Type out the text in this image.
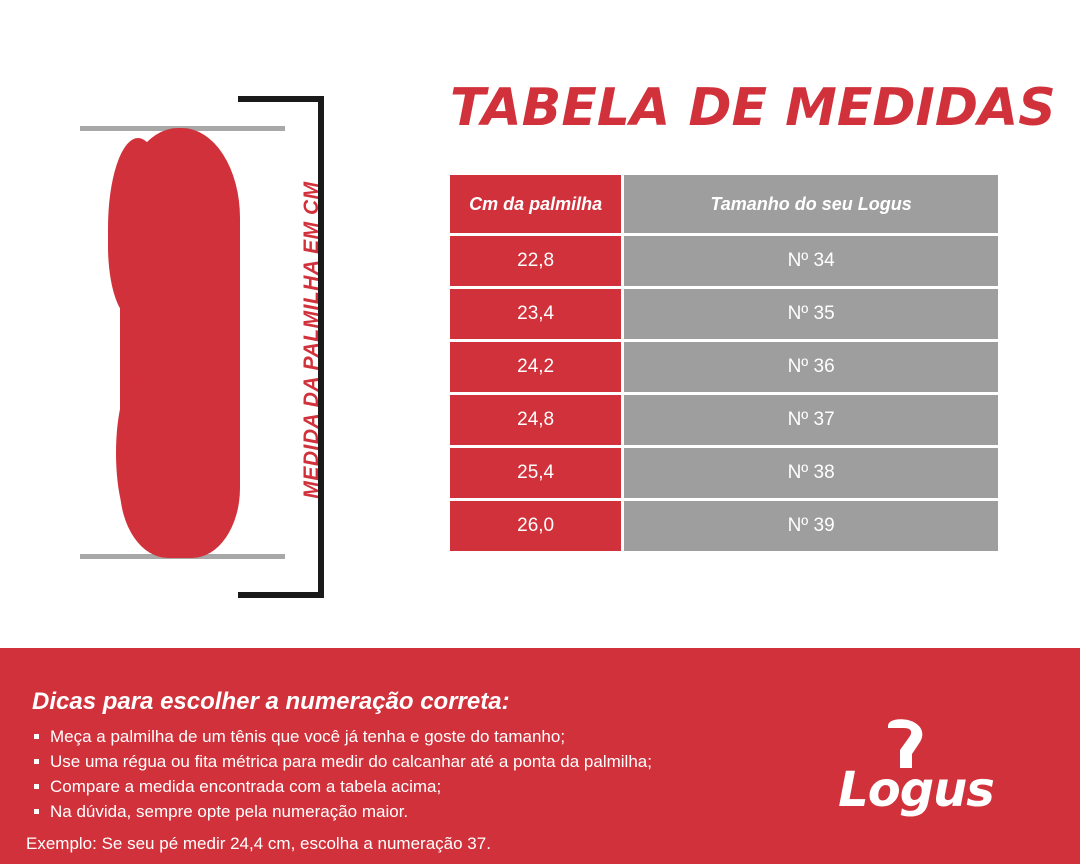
MEDIDA DA PALMILHA EM CM
TABELA DE MEDIDAS
Cm da palmilha		Tamanho do seu Logus
22,8		Nº 34
23,4		Nº 35
24,2		Nº 36
24,8		Nº 37
25,4		Nº 38
26,0		Nº 39
Dicas para escolher a numeração correta:
Meça a palmilha de um tênis que você já tenha e goste do tamanho;
Use uma régua ou fita métrica para medir do calcanhar até a ponta da palmilha;
Compare a medida encontrada com a tabela acima;
Na dúvida, sempre opte pela numeração maior.
Exemplo: Se seu pé medir 24,4 cm, escolha a numeração 37.
Logus
